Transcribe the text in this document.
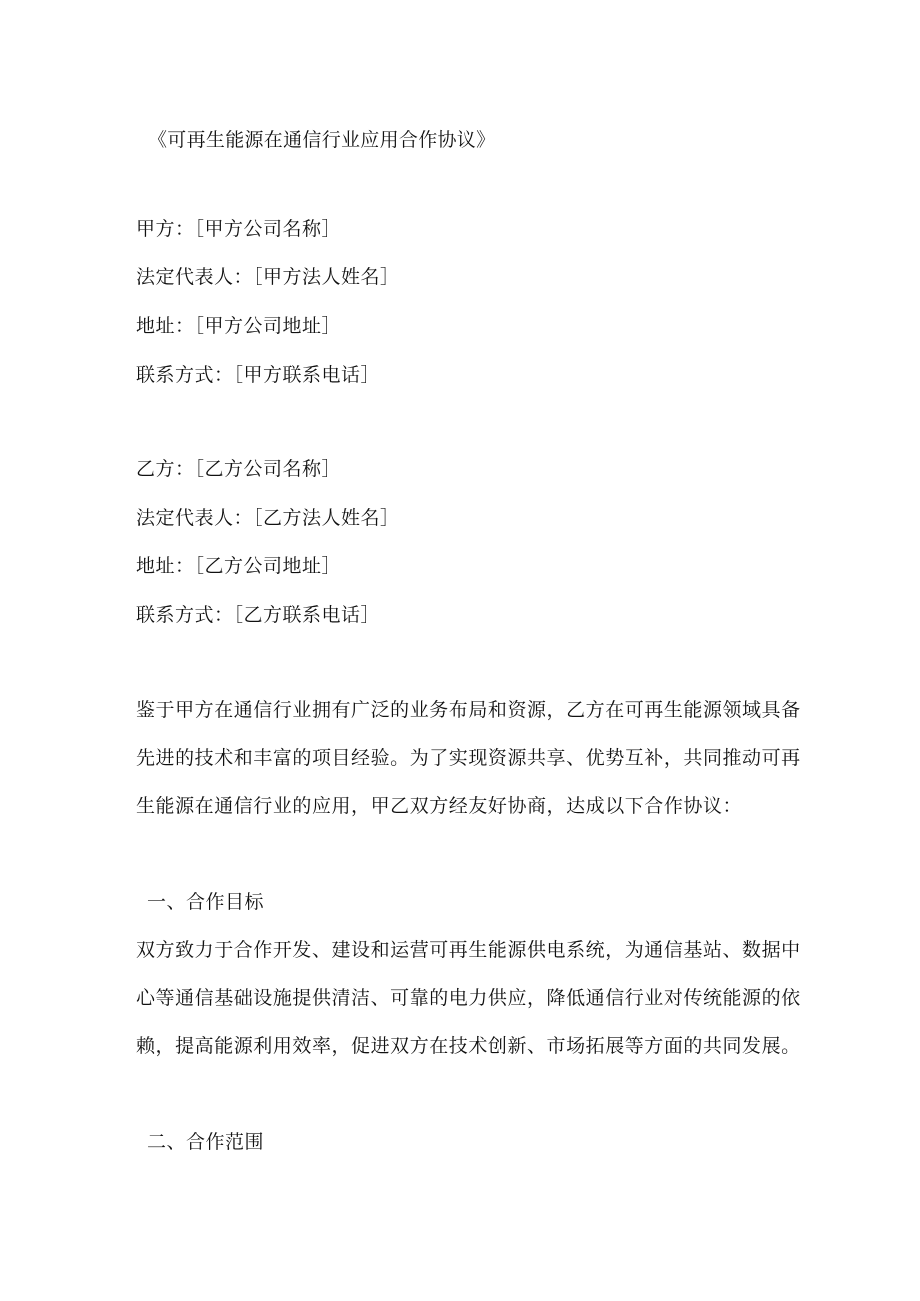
《可再生能源在通信行业应用合作协议》
甲方：［甲方公司名称］
法定代表人：［甲方法人姓名］
地址：［甲方公司地址］
联系方式：［甲方联系电话］
乙方：［乙方公司名称］
法定代表人：［乙方法人姓名］
地址：［乙方公司地址］
联系方式：［乙方联系电话］
鉴于甲方在通信行业拥有广泛的业务布局和资源，乙方在可再生能源领域具备
先进的技术和丰富的项目经验。为了实现资源共享、优势互补，共同推动可再
生能源在通信行业的应用，甲乙双方经友好协商，达成以下合作协议：
一、合作目标
双方致力于合作开发、建设和运营可再生能源供电系统，为通信基站、数据中
心等通信基础设施提供清洁、可靠的电力供应，降低通信行业对传统能源的依
赖，提高能源利用效率，促进双方在技术创新、市场拓展等方面的共同发展。
二、合作范围
